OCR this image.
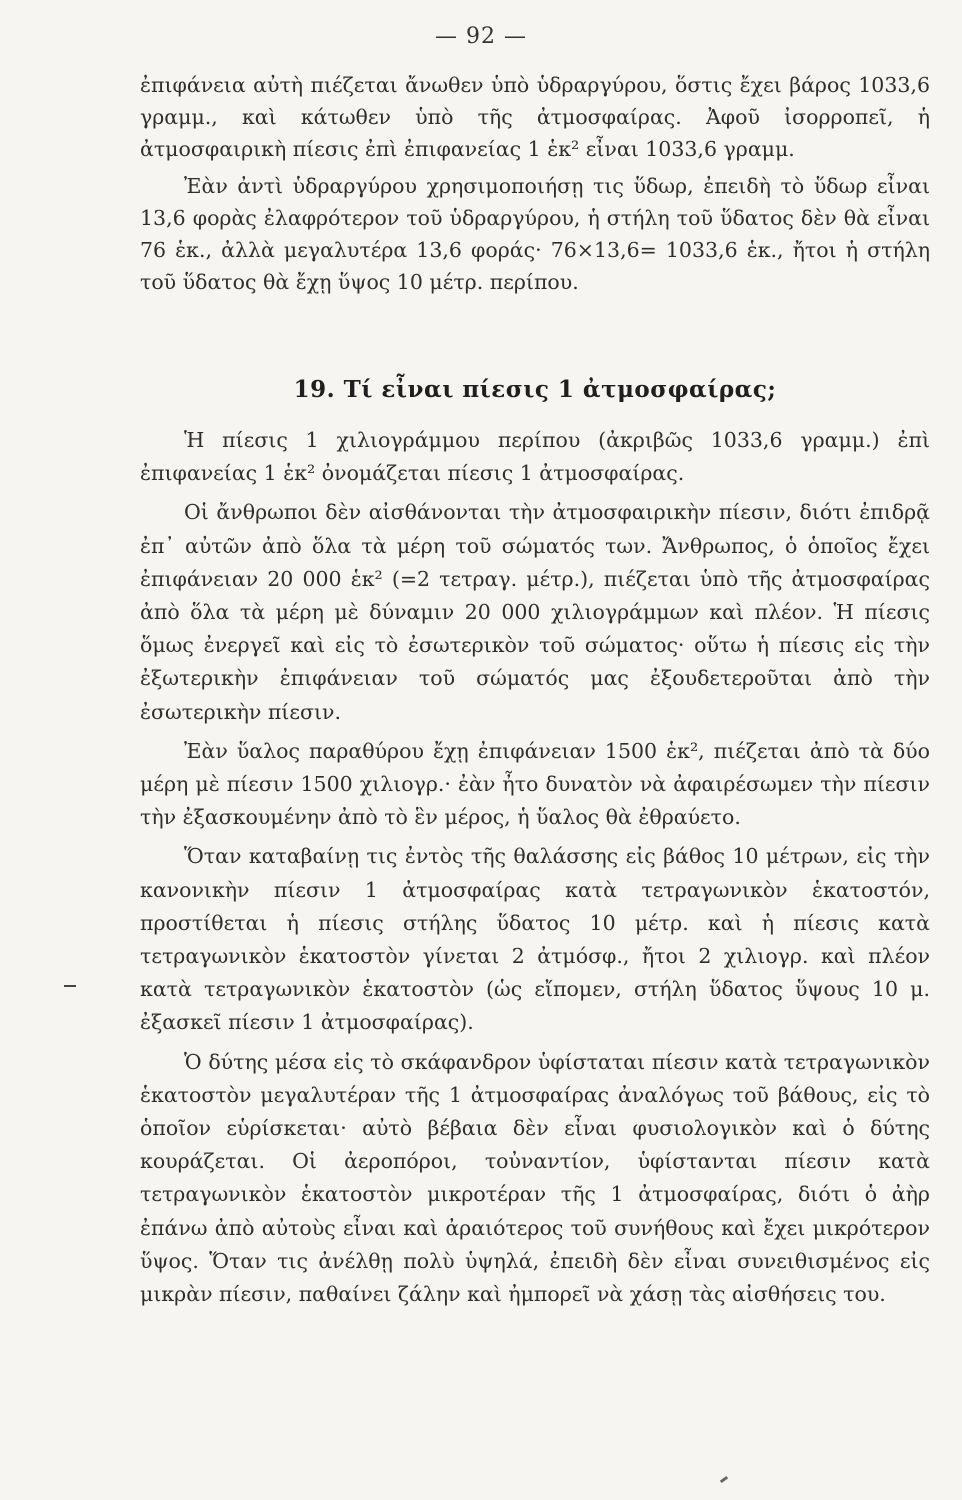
— 92 —

ἐπιφάνεια αὐτὴ πιέζεται ἄνωθεν ὑπὸ ὑδραργύρου, ὅστις ἔχει βάρος 1033,6 γραμμ., καὶ κάτωθεν ὑπὸ τῆς ἀτμοσφαίρας. Ἀφοῦ ἰσορροπεῖ, ἡ ἀτμοσφαιρικὴ πίεσις ἐπὶ ἐπιφανείας 1 ἑκ² εἶναι 1033,6 γραμμ.

Ἐὰν ἀντὶ ὑδραργύρου χρησιμοποιήσῃ τις ὕδωρ, ἐπειδὴ τὸ ὕδωρ εἶναι 13,6 φορὰς ἐλαφρότερον τοῦ ὑδραργύρου, ἡ στήλη τοῦ ὕδατος δὲν θὰ εἶναι 76 ἑκ., ἀλλὰ μεγαλυτέρα 13,6 φοράς· 76×13,6= 1033,6 ἑκ., ἤτοι ἡ στήλη τοῦ ὕδατος θὰ ἔχῃ ὕψος 10 μέτρ. περίπου.

19. Τί εἶναι πίεσις 1 ἀτμοσφαίρας;

Ἡ πίεσις 1 χιλιογράμμου περίπου (ἀκριβῶς 1033,6 γραμμ.) ἐπὶ ἐπιφανείας 1 ἑκ² ὀνομάζεται πίεσις 1 ἀτμοσφαίρας.

Οἱ ἄνθρωποι δὲν αἰσθάνονται τὴν ἀτμοσφαιρικὴν πίεσιν, διότι ἐπιδρᾷ ἐπ᾽ αὐτῶν ἀπὸ ὅλα τὰ μέρη τοῦ σώματός των. Ἄνθρωπος, ὁ ὁποῖος ἔχει ἐπιφάνειαν 20 000 ἑκ² (=2 τετραγ. μέτρ.), πιέζεται ὑπὸ τῆς ἀτμοσφαίρας ἀπὸ ὅλα τὰ μέρη μὲ δύναμιν 20 000 χιλιογράμμων καὶ πλέον. Ἡ πίεσις ὅμως ἐνεργεῖ καὶ εἰς τὸ ἐσωτερικὸν τοῦ σώματος· οὕτω ἡ πίεσις εἰς τὴν ἐξωτερικὴν ἐπιφάνειαν τοῦ σώματός μας ἐξουδετεροῦται ἀπὸ τὴν ἐσωτερικὴν πίεσιν.

Ἐὰν ὕαλος παραθύρου ἔχῃ ἐπιφάνειαν 1500 ἑκ², πιέζεται ἀπὸ τὰ δύο μέρη μὲ πίεσιν 1500 χιλιογρ.· ἐὰν ἦτο δυνατὸν νὰ ἀφαιρέσωμεν τὴν πίεσιν τὴν ἐξασκουμένην ἀπὸ τὸ ἓν μέρος, ἡ ὕαλος θὰ ἐθραύετο.

Ὅταν καταβαίνῃ τις ἐντὸς τῆς θαλάσσης εἰς βάθος 10 μέτρων, εἰς τὴν κανονικὴν πίεσιν 1 ἀτμοσφαίρας κατὰ τετραγωνικὸν ἑκατοστόν, προστίθεται ἡ πίεσις στήλης ὕδατος 10 μέτρ. καὶ ἡ πίεσις κατὰ τετραγωνικὸν ἑκατοστὸν γίνεται 2 ἀτμόσφ., ἤτοι 2 χιλιογρ. καὶ πλέον κατὰ τετραγωνικὸν ἑκατοστὸν (ὡς εἴπομεν, στήλη ὕδατος ὕψους 10 μ. ἐξασκεῖ πίεσιν 1 ἀτμοσφαίρας).

Ὁ δύτης μέσα εἰς τὸ σκάφανδρον ὑφίσταται πίεσιν κατὰ τετραγωνικὸν ἑκατοστὸν μεγαλυτέραν τῆς 1 ἀτμοσφαίρας ἀναλόγως τοῦ βάθους, εἰς τὸ ὁποῖον εὑρίσκεται· αὐτὸ βέβαια δὲν εἶναι φυσιολογικὸν καὶ ὁ δύτης κουράζεται. Οἱ ἀεροπόροι, τοὐναντίον, ὑφίστανται πίεσιν κατὰ τετραγωνικὸν ἑκατοστὸν μικροτέραν τῆς 1 ἀτμοσφαίρας, διότι ὁ ἀὴρ ἐπάνω ἀπὸ αὐτοὺς εἶναι καὶ ἀραιότερος τοῦ συνήθους καὶ ἔχει μικρότερον ὕψος. Ὅταν τις ἀνέλθῃ πολὺ ὑψηλά, ἐπειδὴ δὲν εἶναι συνειθισμένος εἰς μικρὰν πίεσιν, παθαίνει ζάλην καὶ ἠμπορεῖ νὰ χάσῃ τὰς αἰσθήσεις του.
